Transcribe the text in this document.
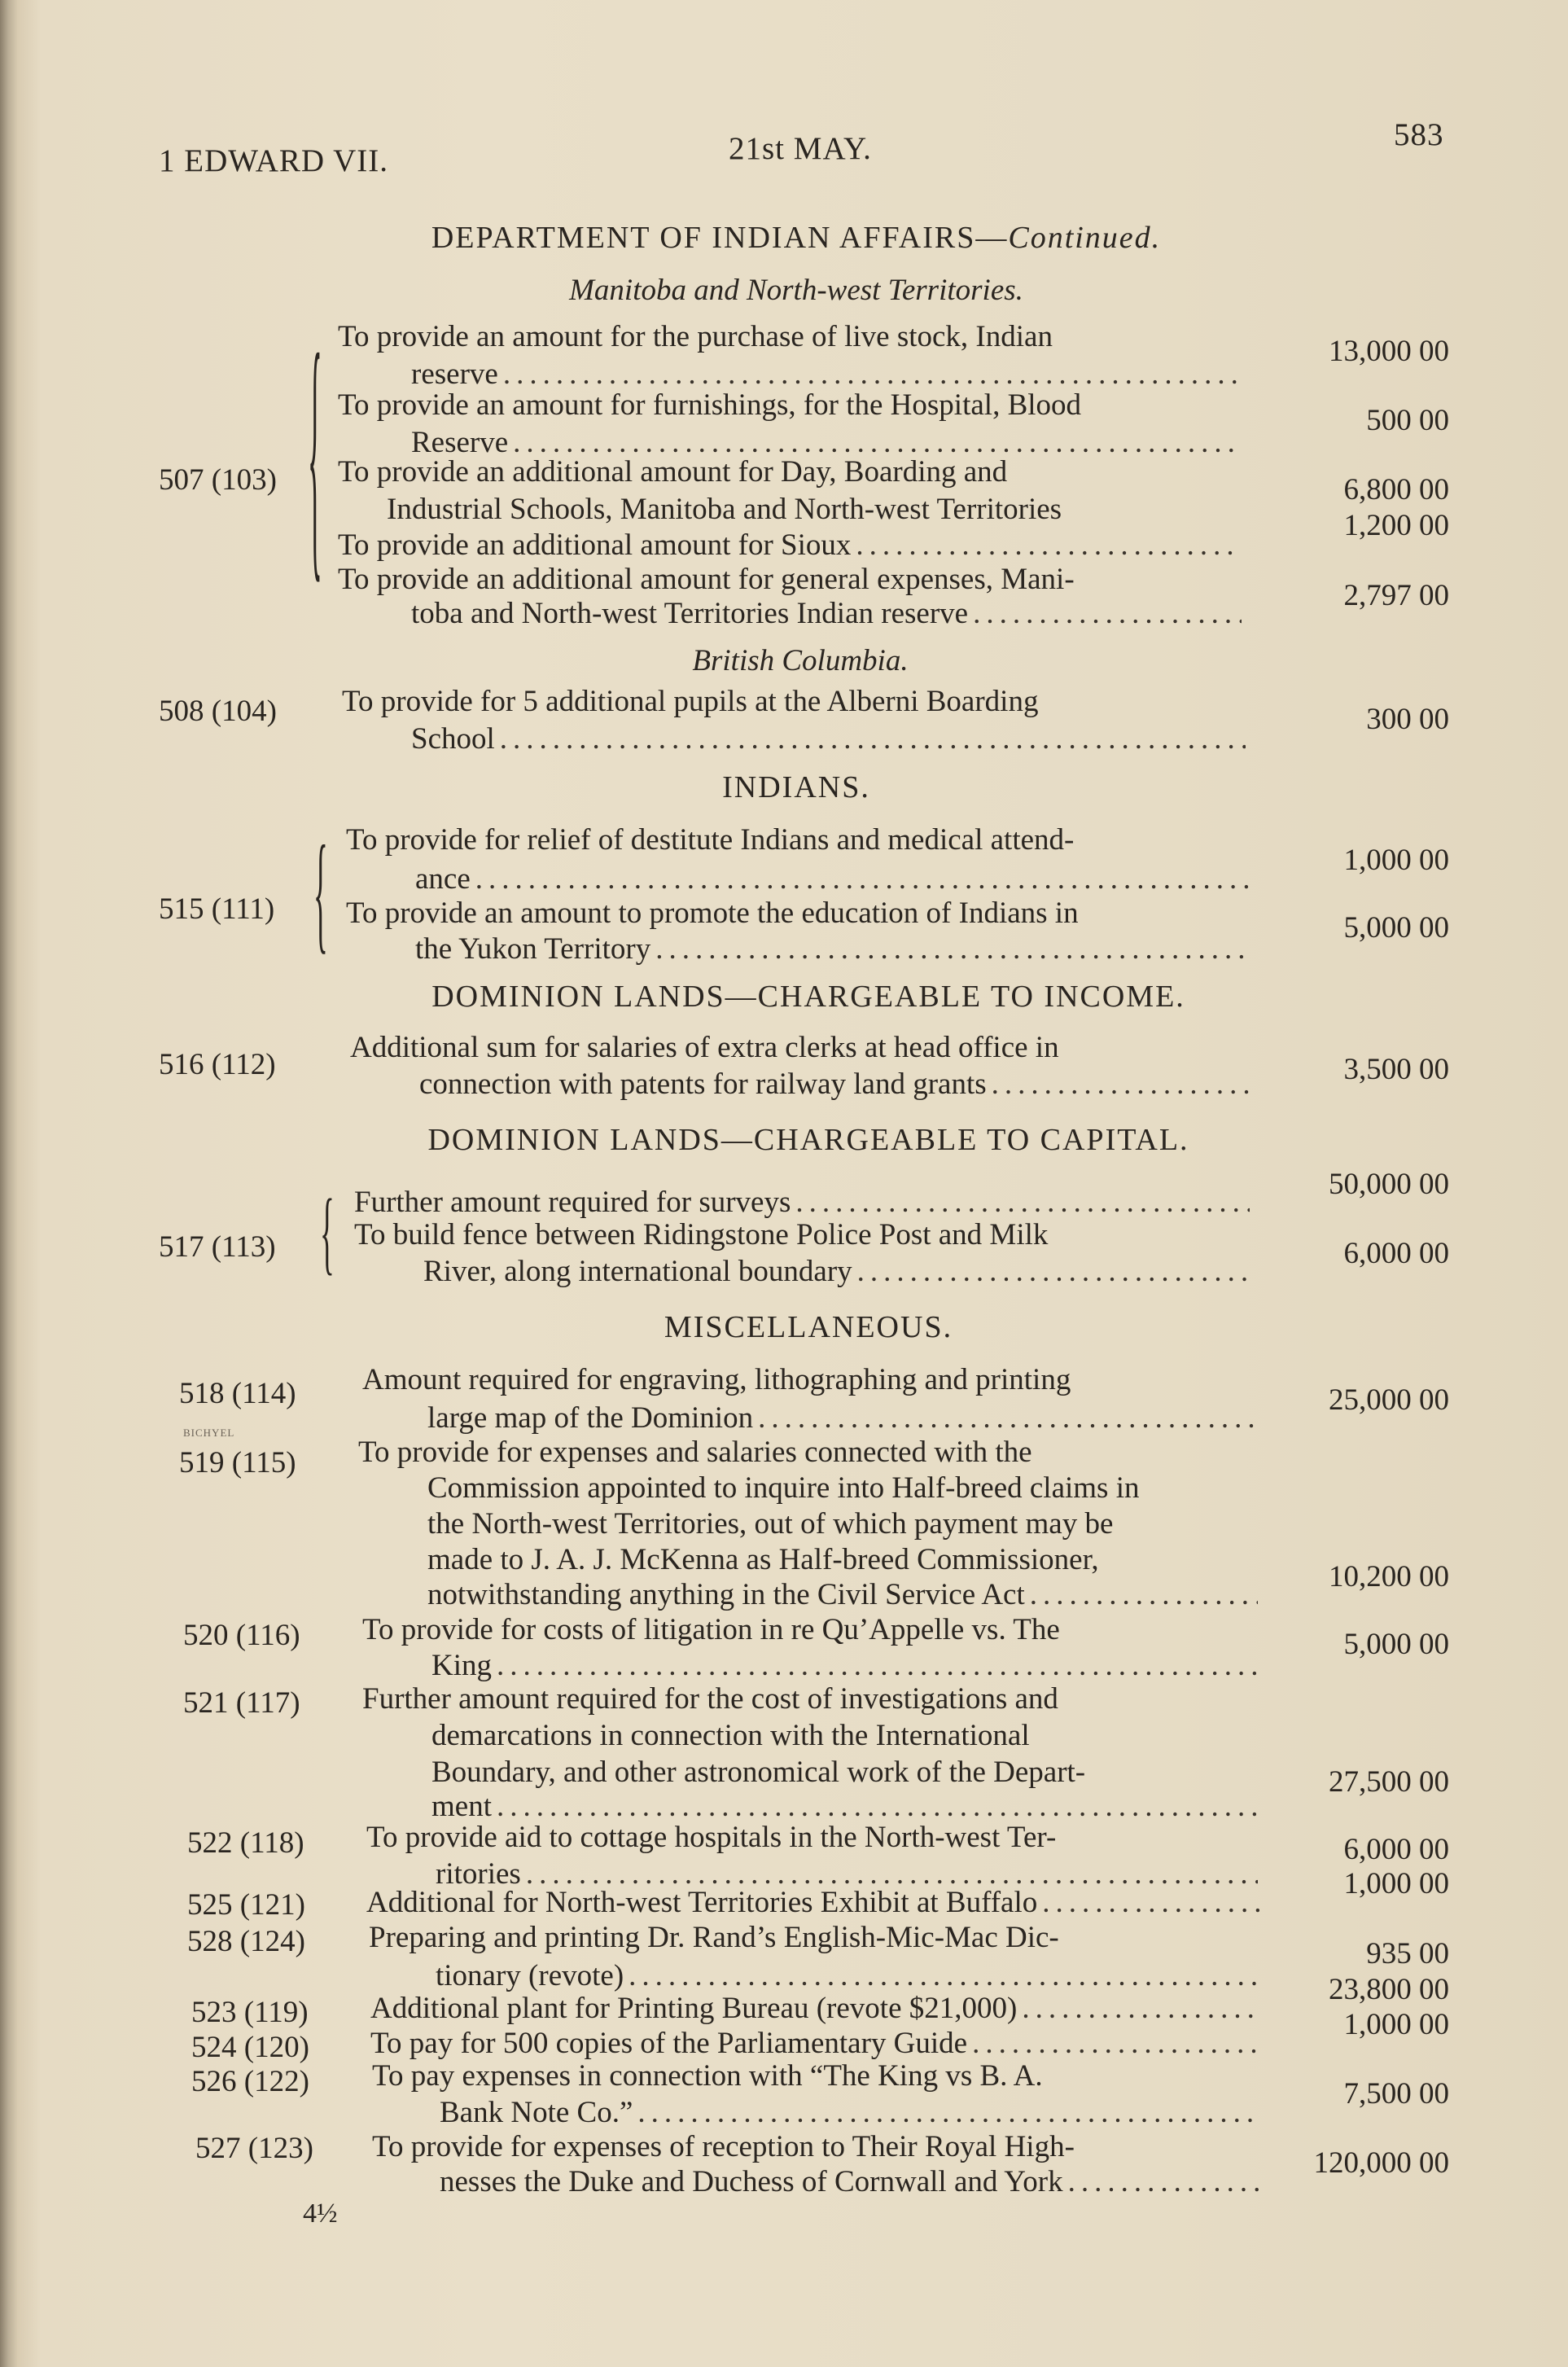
1 EDWARD VII.	21st MAY.	583
DEPARTMENT OF INDIAN AFFAIRS—Continued.
Manitoba and North-west Territories.
507 (103) { To provide an amount for the purchase of live stock, Indian
reserve
.....
13,000 00
To provide an amount for furnishings, for the Hospital, Blood
Reserve
.....
500 00
To provide an additional amount for Day, Boarding and
Industrial Schools, Manitoba and North-west Territories
6,800 00
To provide an additional amount for Sioux
.....
1,200 00
To provide an additional amount for general expenses, Mani-
toba and North-west Territories Indian reserve
.....
2,797 00
British Columbia.
508 (104) To provide for 5 additional pupils at the Alberni Boarding
School
.....
300 00
INDIANS.
515 (111) { To provide for relief of destitute Indians and medical attend-
ance
.....
1,000 00
To provide an amount to promote the education of Indians in
the Yukon Territory
.....
5,000 00
DOMINION LANDS—CHARGEABLE TO INCOME.
516 (112)
Additional sum for salaries of extra clerks at head office in
connection with patents for railway land grants
.....	3,500 00
DOMINION LANDS—CHARGEABLE TO CAPITAL.
517 (113) { Further amount required for surveys
.....
50,000 00
To build fence between Ridingstone Police Post and Milk
River, along international boundary
.....
6,000 00
MISCELLANEOUS.
518 (114) Amount required for engraving, lithographing and printing
large map of the Dominion
.....
25,000 00
BICHYEL
519 (115) To provide for expenses and salaries connected with the
Commission appointed to inquire into Half-breed claims in
the North-west Territories, out of which payment may be
made to J. A. J. McKenna as Half-breed Commissioner,
notwithstanding anything in the Civil Service Act
.....
10,200 00
520 (116) To provide for costs of litigation in re Qu’Appelle vs. The
King
.....
5,000 00
521 (117) Further amount required for the cost of investigations and
demarcations in connection with the International
Boundary, and other astronomical work of the Depart-
ment
.....
27,500 00
522 (118) To provide aid to cottage hospitals in the North-west Ter-
ritories
.....
6,000 00
525 (121) Additional for North-west Territories Exhibit at Buffalo
.....
1,000 00
528 (124) Preparing and printing Dr. Rand’s English-Mic-Mac Dic-
tionary (revote)
.....
935 00
523 (119) Additional plant for Printing Bureau (revote $21,000)
.....
23,800 00
524 (120) To pay for 500 copies of the Parliamentary Guide
.....
1,000 00
526 (122) To pay expenses in connection with “The King vs B. A.
Bank Note Co.”
.....
7,500 00
527 (123) To provide for expenses of reception to Their Royal High-
nesses the Duke and Duchess of Cornwall and York
.....
120,000 00
4½
